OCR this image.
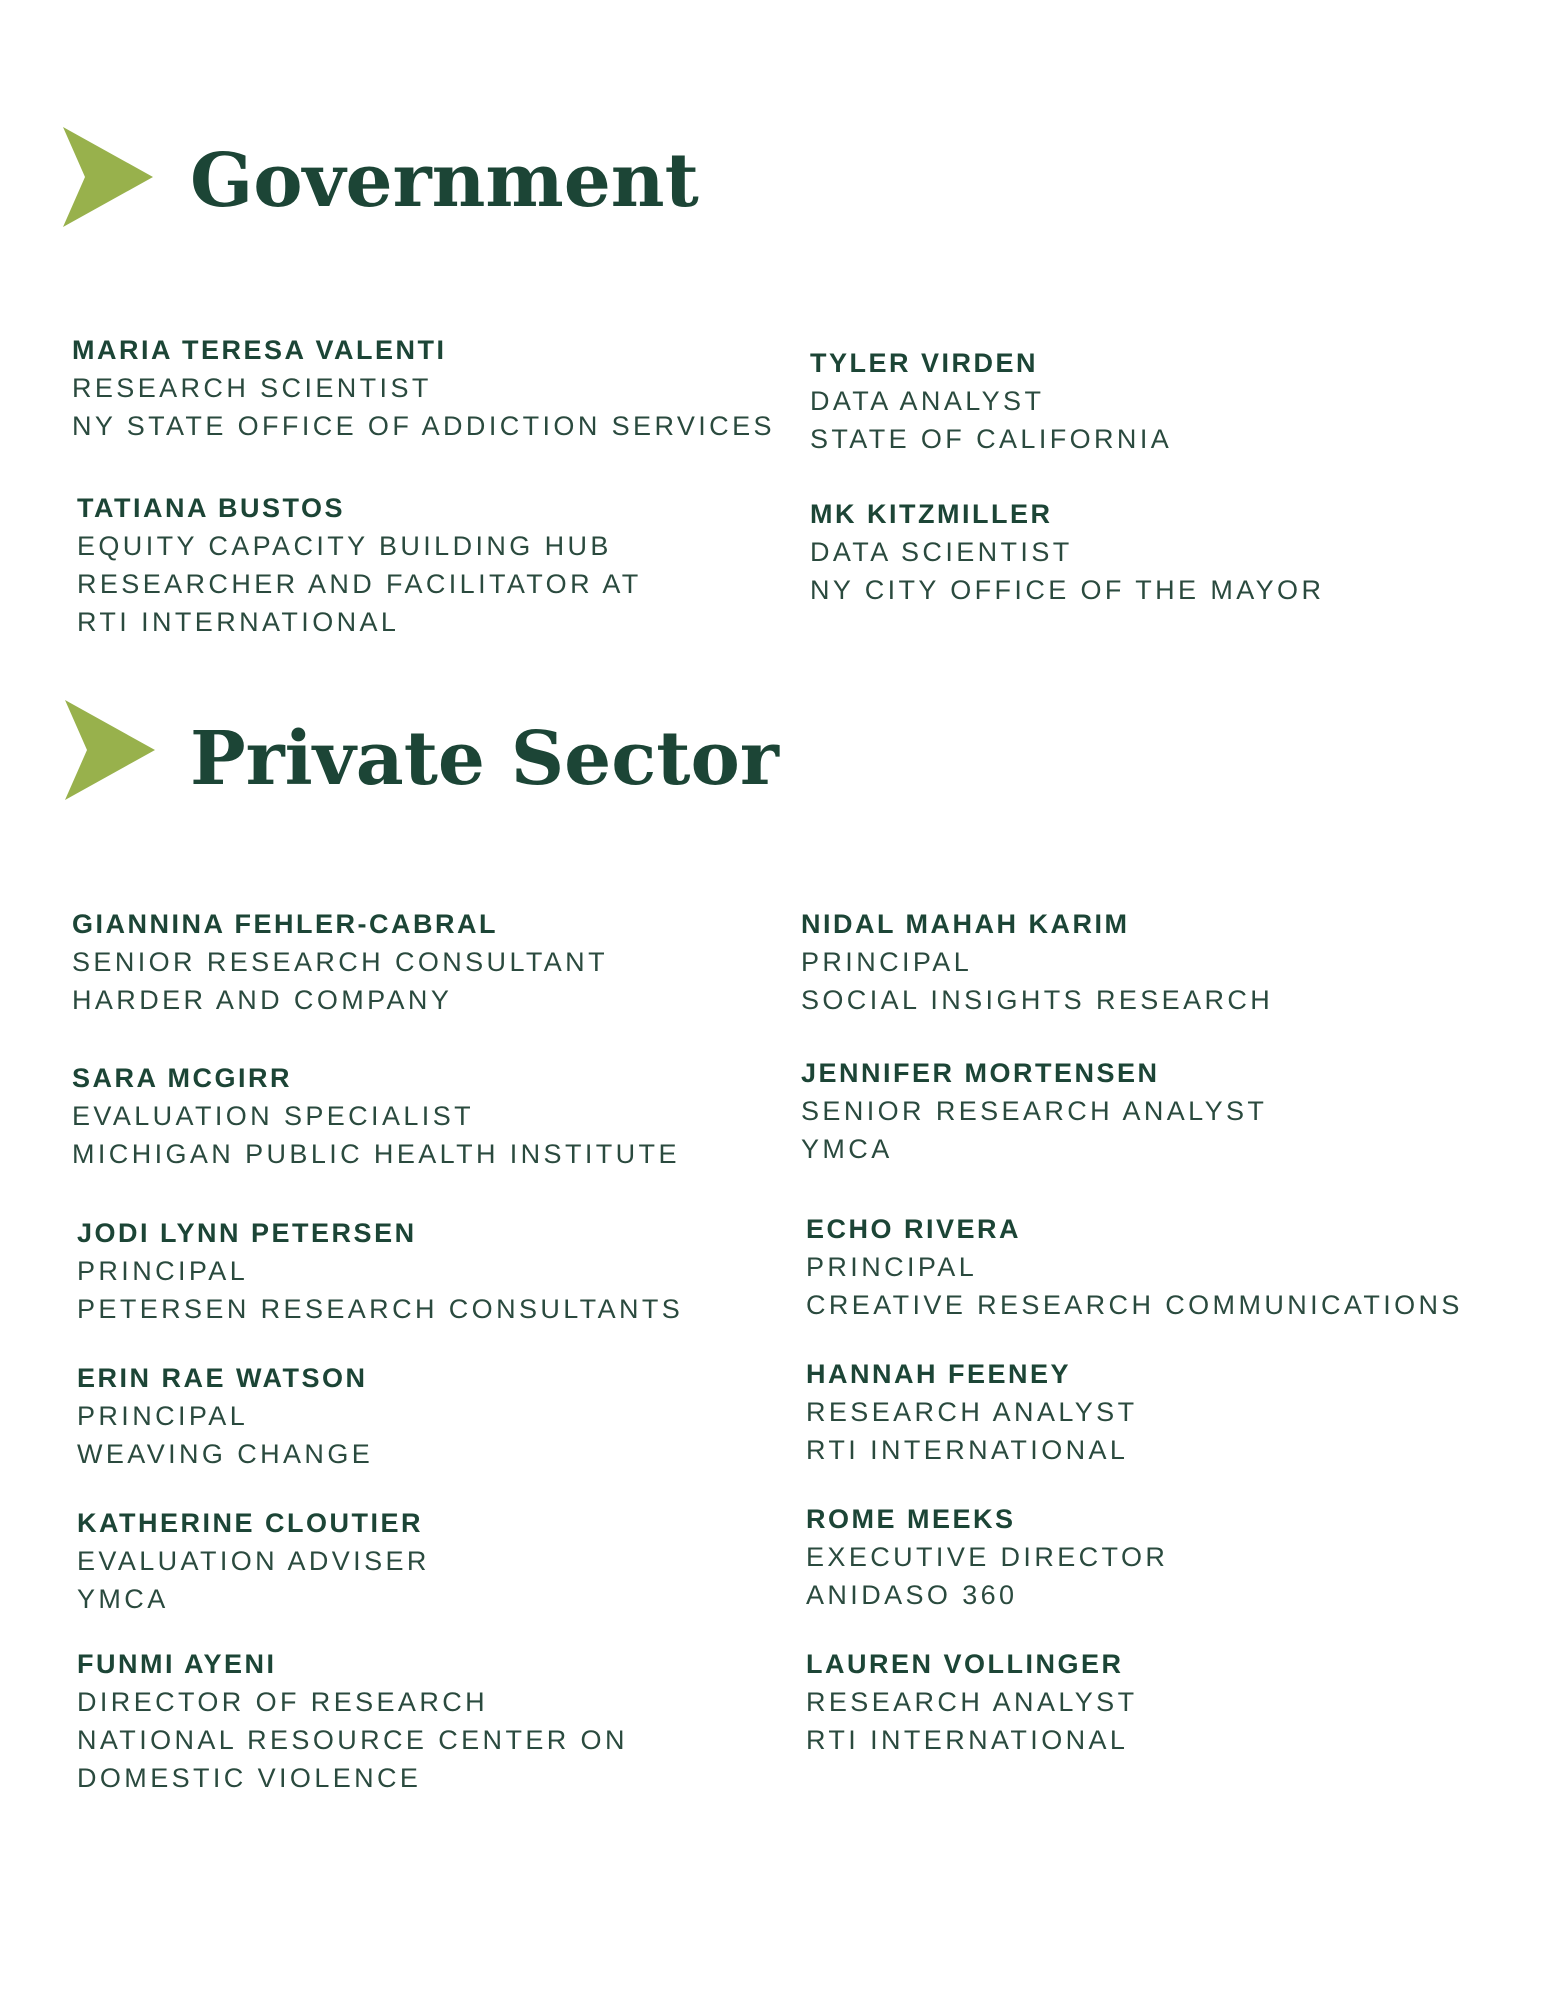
Government
MARIA TERESA VALENTI
RESEARCH SCIENTIST
NY STATE OFFICE OF ADDICTION SERVICES
TYLER VIRDEN
DATA ANALYST
STATE OF CALIFORNIA
TATIANA BUSTOS
EQUITY CAPACITY BUILDING HUB
RESEARCHER AND FACILITATOR AT
RTI INTERNATIONAL
MK KITZMILLER
DATA SCIENTIST
NY CITY OFFICE OF THE MAYOR
Private Sector
GIANNINA FEHLER-CABRAL
SENIOR RESEARCH CONSULTANT
HARDER AND COMPANY
NIDAL MAHAH KARIM
PRINCIPAL
SOCIAL INSIGHTS RESEARCH
SARA MCGIRR
EVALUATION SPECIALIST
MICHIGAN PUBLIC HEALTH INSTITUTE
JENNIFER MORTENSEN
SENIOR RESEARCH ANALYST
YMCA
JODI LYNN PETERSEN
PRINCIPAL
PETERSEN RESEARCH CONSULTANTS
ECHO RIVERA
PRINCIPAL
CREATIVE RESEARCH COMMUNICATIONS
ERIN RAE WATSON
PRINCIPAL
WEAVING CHANGE
HANNAH FEENEY
RESEARCH ANALYST
RTI INTERNATIONAL
KATHERINE CLOUTIER
EVALUATION ADVISER
YMCA
ROME MEEKS
EXECUTIVE DIRECTOR
ANIDASO 360
FUNMI AYENI
DIRECTOR OF RESEARCH
NATIONAL RESOURCE CENTER ON
DOMESTIC VIOLENCE
LAUREN VOLLINGER
RESEARCH ANALYST
RTI INTERNATIONAL
